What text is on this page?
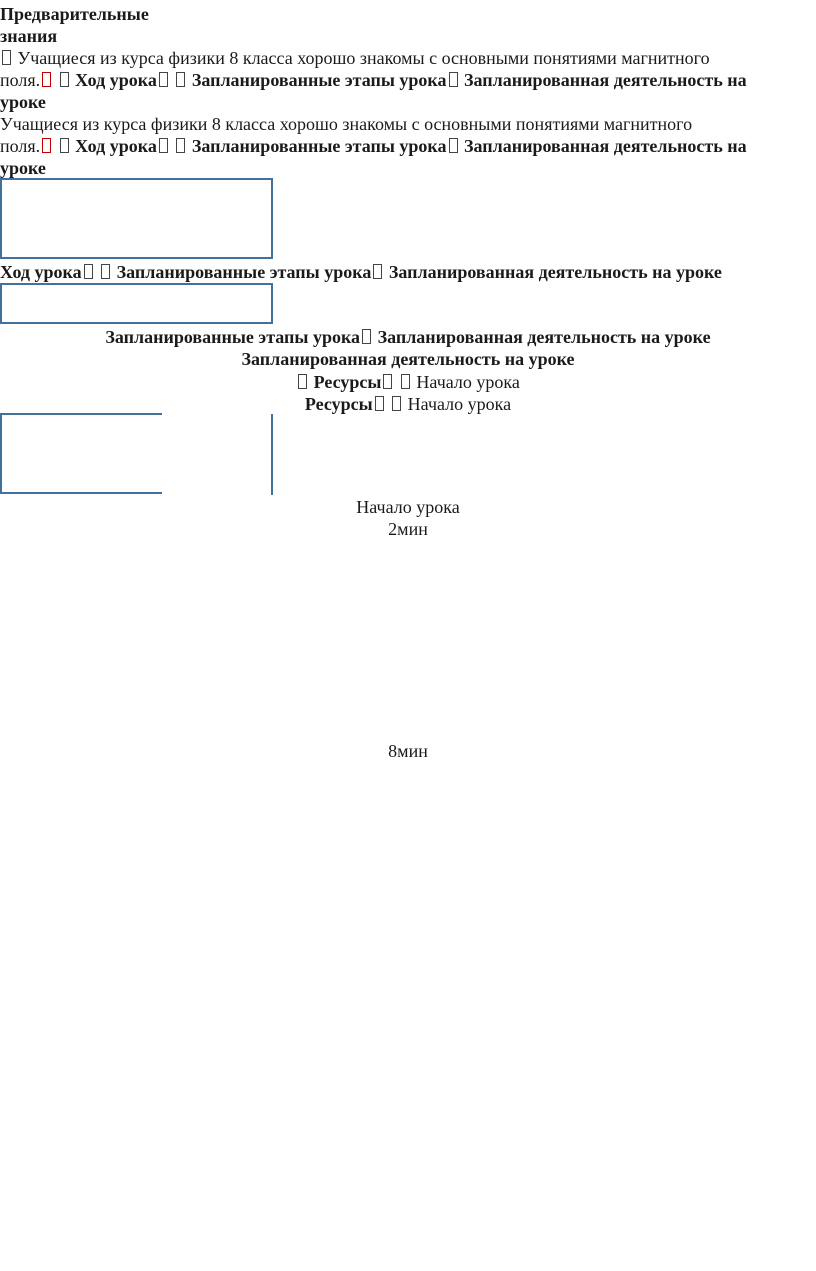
Предварительные
знания
Учащиеся из курса физики 8 класса хорошо знакомы с основными понятиями магнитного
поля. Ход урока Запланированные этапы урока Запланированная деятельность на
уроке
Учащиеся из курса физики 8 класса хорошо знакомы с основными понятиями магнитного
поля. Ход урока Запланированные этапы урока Запланированная деятельность на
уроке
Ход урока Запланированные этапы урока Запланированная деятельность на уроке
Запланированные этапы урока Запланированная деятельность на уроке
Запланированная деятельность на уроке
Ресурсы Начало урока
Ресурсы Начало урока
Начало урока
2мин
8мин
